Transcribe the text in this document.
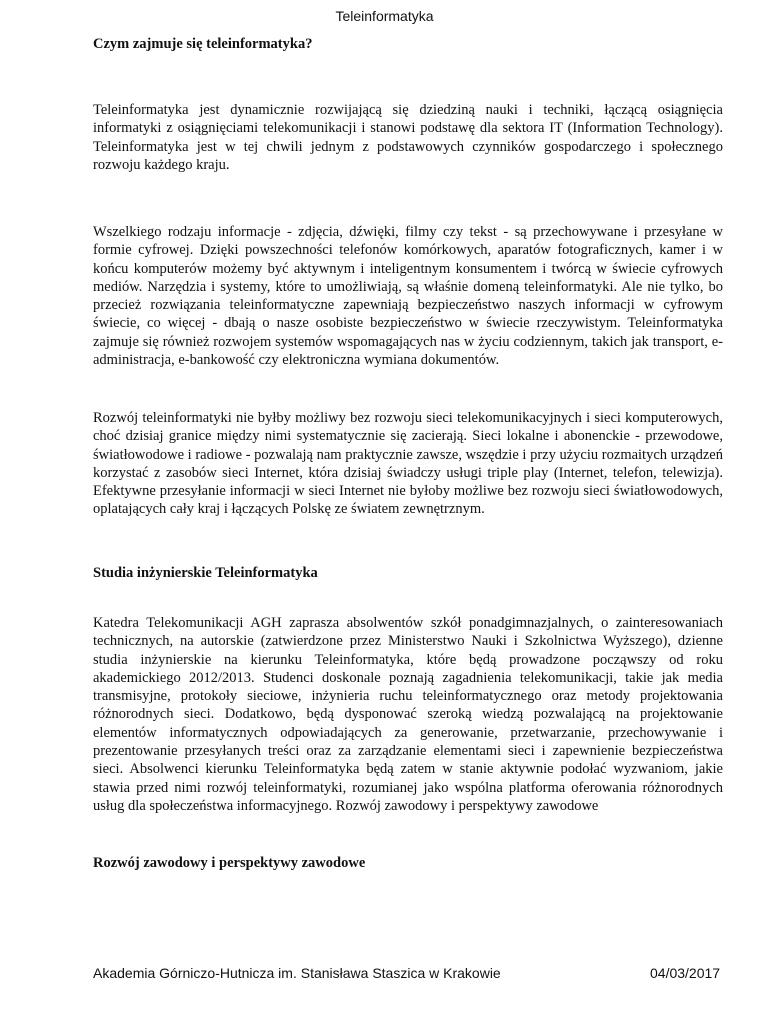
Teleinformatyka
Czym zajmuje się teleinformatyka?

Teleinformatyka jest dynamicznie rozwijającą się dziedziną nauki i techniki, łączącą osiągnięcia informatyki z osiągnięciami telekomunikacji i stanowi podstawę dla sektora IT (Information Technology). Teleinformatyka jest w tej chwili jednym z podstawowych czynników gospodarczego i społecznego rozwoju każdego kraju.

Wszelkiego rodzaju informacje - zdjęcia, dźwięki, filmy czy tekst - są przechowywane i przesyłane w formie cyfrowej. Dzięki powszechności telefonów komórkowych, aparatów fotograficznych, kamer i w końcu komputerów możemy być aktywnym i inteligentnym konsumentem i twórcą w świecie cyfrowych mediów. Narzędzia i systemy, które to umożliwiają, są właśnie domeną teleinformatyki. Ale nie tylko, bo przecież rozwiązania teleinformatyczne zapewniają bezpieczeństwo naszych informacji w cyfrowym świecie, co więcej - dbają o nasze osobiste bezpieczeństwo w świecie rzeczywistym. Teleinformatyka zajmuje się również rozwojem systemów wspomagających nas w życiu codziennym, takich jak transport, e-administracja, e-bankowość czy elektroniczna wymiana dokumentów.

Rozwój teleinformatyki nie byłby możliwy bez rozwoju sieci telekomunikacyjnych i sieci komputerowych, choć dzisiaj granice między nimi systematycznie się zacierają. Sieci lokalne i abonenckie - przewodowe, światłowodowe i radiowe - pozwalają nam praktycznie zawsze, wszędzie i przy użyciu rozmaitych urządzeń korzystać z zasobów sieci Internet, która dzisiaj świadczy usługi triple play (Internet, telefon, telewizja). Efektywne przesyłanie informacji w sieci Internet nie byłoby możliwe bez rozwoju sieci światłowodowych, oplatających cały kraj i łączących Polskę ze światem zewnętrznym.

Studia inżynierskie Teleinformatyka

Katedra Telekomunikacji AGH zaprasza absolwentów szkół ponadgimnazjalnych, o zainteresowaniach technicznych, na autorskie (zatwierdzone przez Ministerstwo Nauki i Szkolnictwa Wyższego), dzienne studia inżynierskie na kierunku Teleinformatyka, które będą prowadzone począwszy od roku akademickiego 2012/2013. Studenci doskonale poznają zagadnienia telekomunikacji, takie jak media transmisyjne, protokoły sieciowe, inżynieria ruchu teleinformatycznego oraz metody projektowania różnorodnych sieci. Dodatkowo, będą dysponować szeroką wiedzą pozwalającą na projektowanie elementów informatycznych odpowiadających za generowanie, przetwarzanie, przechowywanie i prezentowanie przesyłanych treści oraz za zarządzanie elementami sieci i zapewnienie bezpieczeństwa sieci. Absolwenci kierunku Teleinformatyka będą zatem w stanie aktywnie podołać wyzwaniom, jakie stawia przed nimi rozwój teleinformatyki, rozumianej jako wspólna platforma oferowania różnorodnych usług dla społeczeństwa informacyjnego. Rozwój zawodowy i perspektywy zawodowe

Rozwój zawodowy i perspektywy zawodowe
Akademia Górniczo-Hutnicza im. Stanisława Staszica w Krakowie	04/03/2017
